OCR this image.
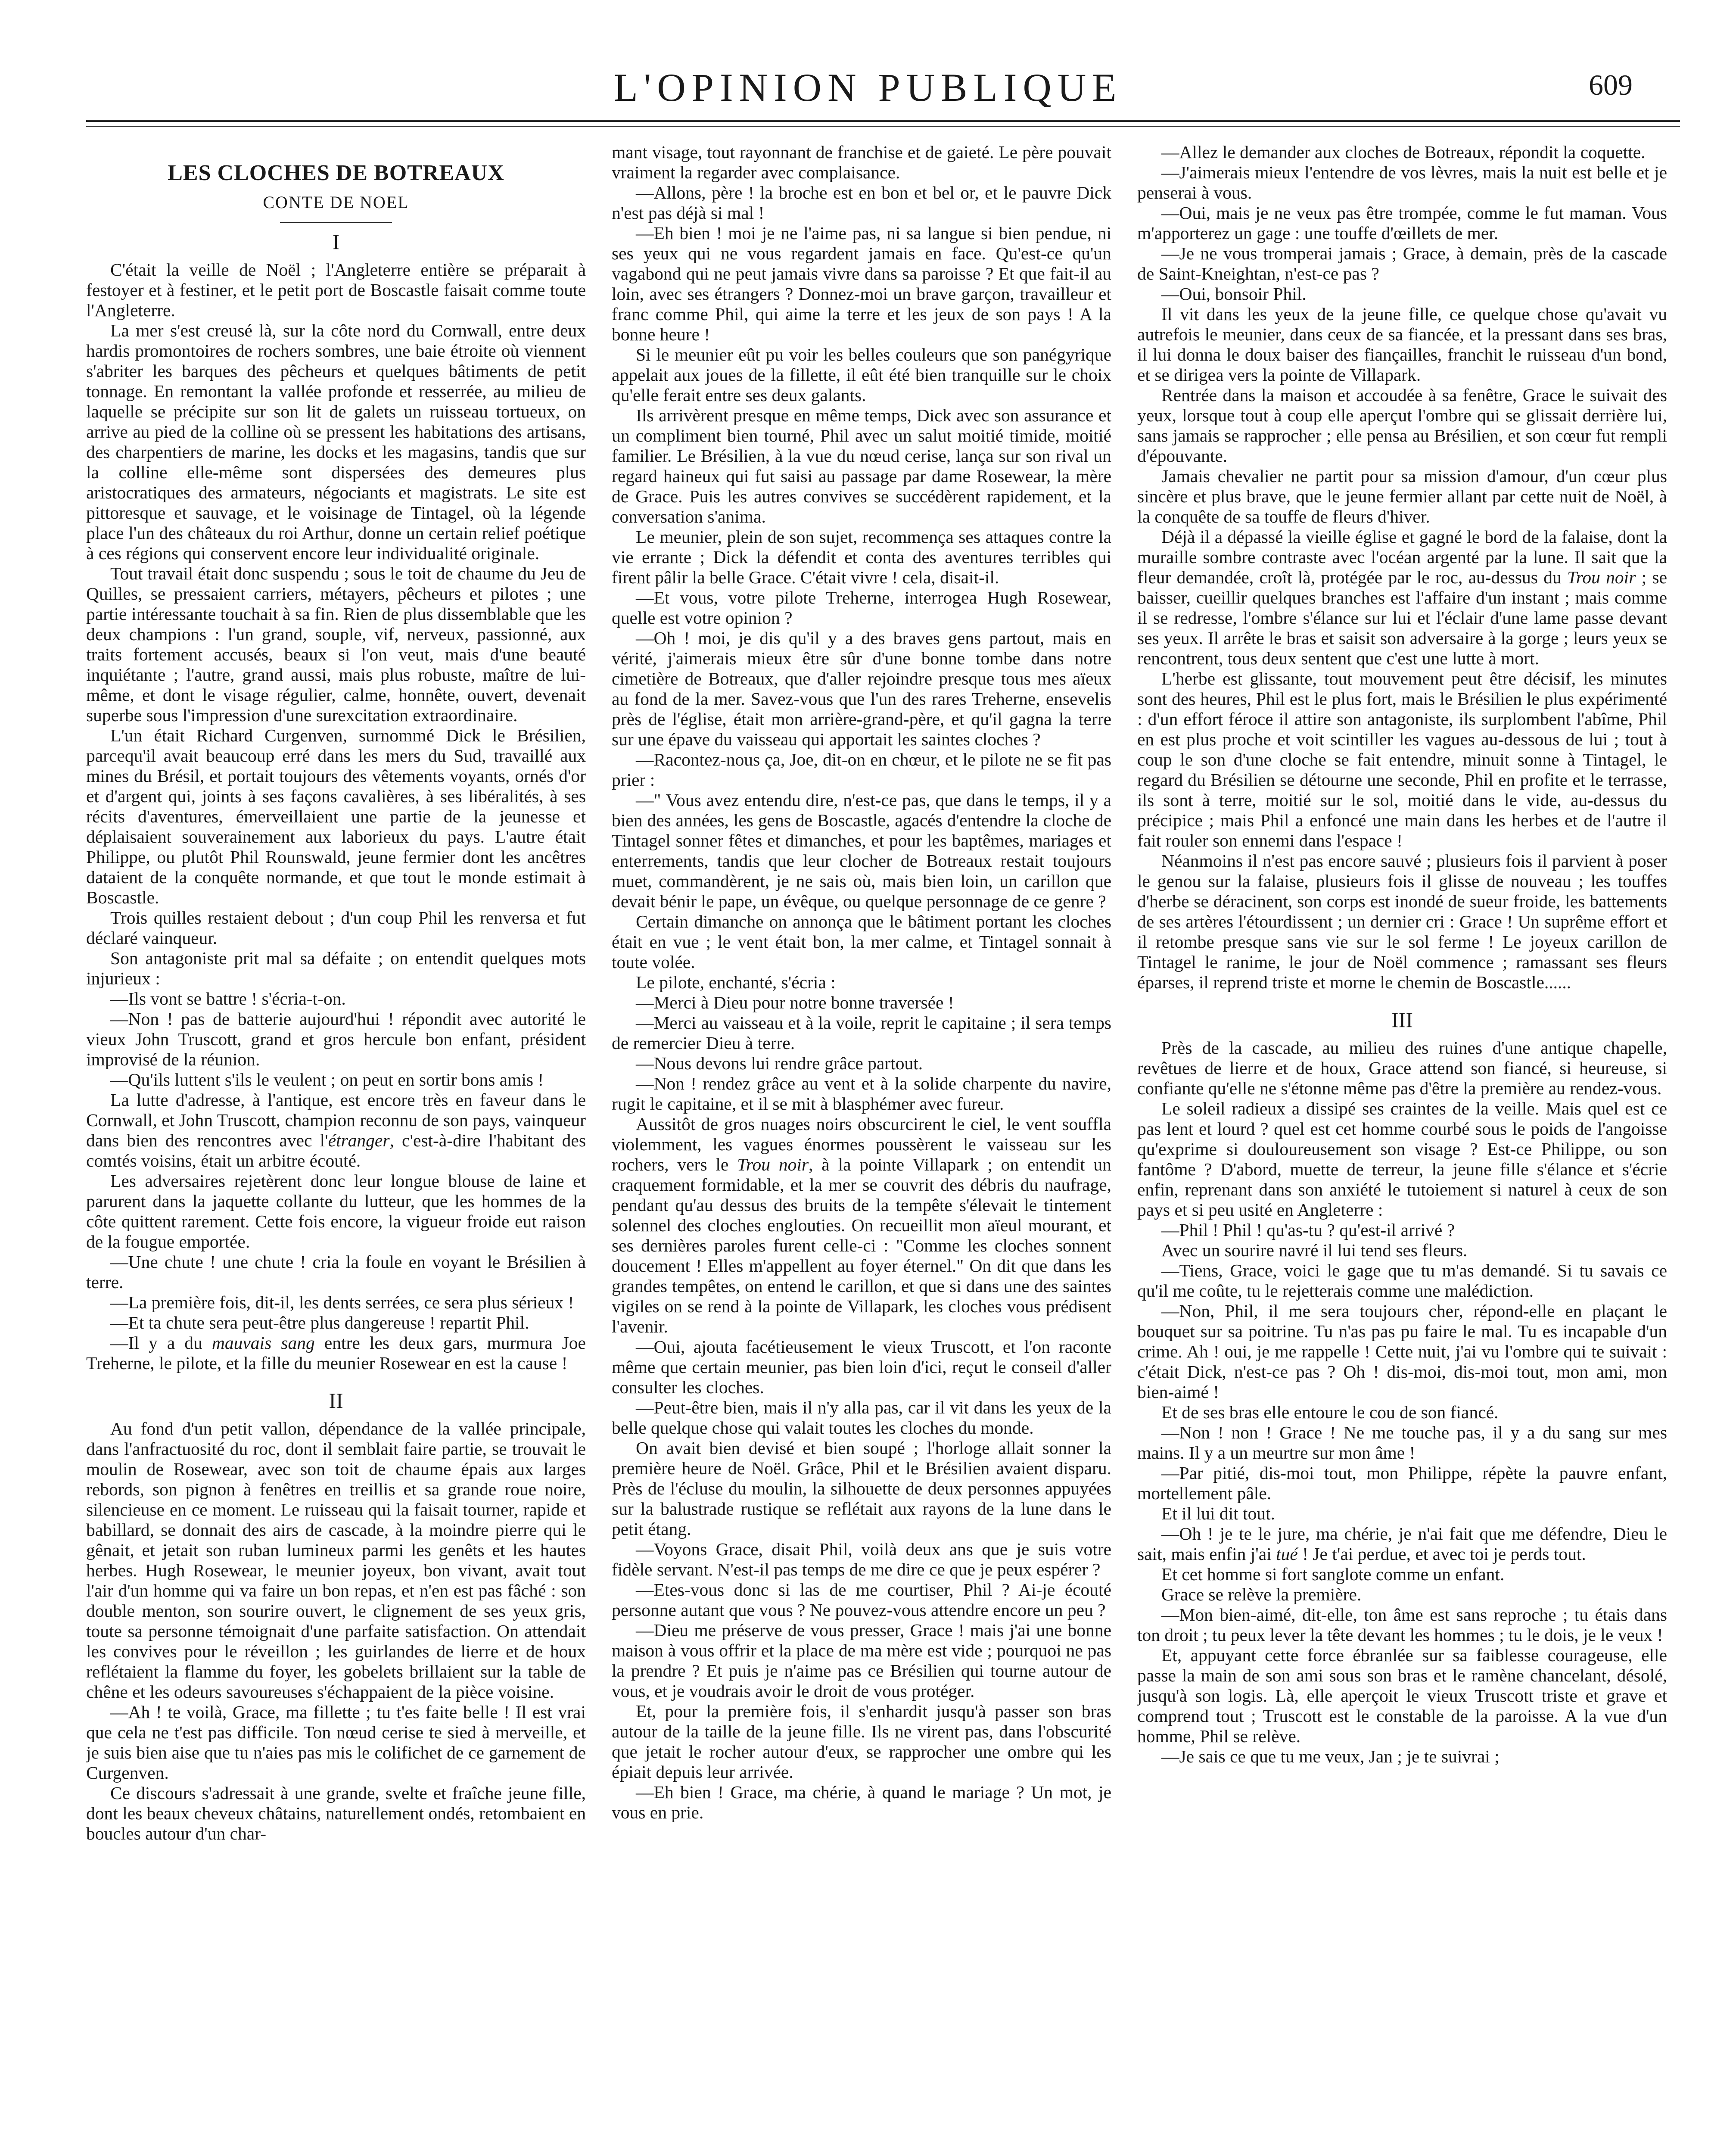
L'OPINION PUBLIQUE	609
LES CLOCHES DE BOTREAUX
CONTE DE NOEL
I

C'était la veille de Noël ; l'Angleterre entière se préparait à festoyer et à festiner, et le petit port de Boscastle faisait comme toute l'Angleterre.

La mer s'est creusé là, sur la côte nord du Cornwall, entre deux hardis promontoires de rochers sombres, une baie étroite où viennent s'abriter les barques des pêcheurs et quelques bâtiments de petit tonnage. En remontant la vallée profonde et resserrée, au milieu de laquelle se précipite sur son lit de galets un ruisseau tortueux, on arrive au pied de la colline où se pressent les habitations des artisans, des charpentiers de marine, les docks et les magasins, tandis que sur la colline elle-même sont dispersées des demeures plus aristocratiques des armateurs, négociants et magistrats. Le site est pittoresque et sauvage, et le voisinage de Tintagel, où la légende place l'un des châteaux du roi Arthur, donne un certain relief poétique à ces régions qui conservent encore leur individualité originale.

Tout travail était donc suspendu ; sous le toit de chaume du Jeu de Quilles, se pressaient carriers, métayers, pêcheurs et pilotes ; une partie intéressante touchait à sa fin. Rien de plus dissemblable que les deux champions : l'un grand, souple, vif, nerveux, passionné, aux traits fortement accusés, beaux si l'on veut, mais d'une beauté inquiétante ; l'autre, grand aussi, mais plus robuste, maître de lui-même, et dont le visage régulier, calme, honnête, ouvert, devenait superbe sous l'impression d'une surexcitation extraordinaire.

L'un était Richard Curgenven, surnommé Dick le Brésilien, parcequ'il avait beaucoup erré dans les mers du Sud, travaillé aux mines du Brésil, et portait toujours des vêtements voyants, ornés d'or et d'argent qui, joints à ses façons cavalières, à ses libéralités, à ses récits d'aventures, émerveillaient une partie de la jeunesse et déplaisaient souverainement aux laborieux du pays. L'autre était Philippe, ou plutôt Phil Rounswald, jeune fermier dont les ancêtres dataient de la conquête normande, et que tout le monde estimait à Boscastle.

Trois quilles restaient debout ; d'un coup Phil les renversa et fut déclaré vainqueur.

Son antagoniste prit mal sa défaite ; on entendit quelques mots injurieux :

—Ils vont se battre ! s'écria-t-on.

—Non ! pas de batterie aujourd'hui ! répondit avec autorité le vieux John Truscott, grand et gros hercule bon enfant, président improvisé de la réunion.

—Qu'ils luttent s'ils le veulent ; on peut en sortir bons amis !

La lutte d'adresse, à l'antique, est encore très en faveur dans le Cornwall, et John Truscott, champion reconnu de son pays, vainqueur dans bien des rencontres avec l'étranger, c'est-à-dire l'habitant des comtés voisins, était un arbitre écouté.

Les adversaires rejetèrent donc leur longue blouse de laine et parurent dans la jaquette collante du lutteur, que les hommes de la côte quittent rarement. Cette fois encore, la vigueur froide eut raison de la fougue emportée.

—Une chute ! une chute ! cria la foule en voyant le Brésilien à terre.

—La première fois, dit-il, les dents serrées, ce sera plus sérieux !

—Et ta chute sera peut-être plus dangereuse ! repartit Phil.

—Il y a du mauvais sang entre les deux gars, murmura Joe Treherne, le pilote, et la fille du meunier Rosewear en est la cause !

II

Au fond d'un petit vallon, dépendance de la vallée principale, dans l'anfractuosité du roc, dont il semblait faire partie, se trouvait le moulin de Rosewear, avec son toit de chaume épais aux larges rebords, son pignon à fenêtres en treillis et sa grande roue noire, silencieuse en ce moment. Le ruisseau qui la faisait tourner, rapide et babillard, se donnait des airs de cascade, à la moindre pierre qui le gênait, et jetait son ruban lumineux parmi les genêts et les hautes herbes. Hugh Rosewear, le meunier joyeux, bon vivant, avait tout l'air d'un homme qui va faire un bon repas, et n'en est pas fâché : son double menton, son sourire ouvert, le clignement de ses yeux gris, toute sa personne témoignait d'une parfaite satisfaction. On attendait les convives pour le réveillon ; les guirlandes de lierre et de houx reflétaient la flamme du foyer, les gobelets brillaient sur la table de chêne et les odeurs savoureuses s'échappaient de la pièce voisine.

—Ah ! te voilà, Grace, ma fillette ; tu t'es faite belle ! Il est vrai que cela ne t'est pas difficile. Ton nœud cerise te sied à merveille, et je suis bien aise que tu n'aies pas mis le colifichet de ce garnement de Curgenven.

Ce discours s'adressait à une grande, svelte et fraîche jeune fille, dont les beaux cheveux châtains, naturellement ondés, retombaient en boucles autour d'un char-

mant visage, tout rayonnant de franchise et de gaieté. Le père pouvait vraiment la regarder avec complaisance.

—Allons, père ! la broche est en bon et bel or, et le pauvre Dick n'est pas déjà si mal !

—Eh bien ! moi je ne l'aime pas, ni sa langue si bien pendue, ni ses yeux qui ne vous regardent jamais en face. Qu'est-ce qu'un vagabond qui ne peut jamais vivre dans sa paroisse ? Et que fait-il au loin, avec ses étrangers ? Donnez-moi un brave garçon, travailleur et franc comme Phil, qui aime la terre et les jeux de son pays ! A la bonne heure !

Si le meunier eût pu voir les belles couleurs que son panégyrique appelait aux joues de la fillette, il eût été bien tranquille sur le choix qu'elle ferait entre ses deux galants.

Ils arrivèrent presque en même temps, Dick avec son assurance et un compliment bien tourné, Phil avec un salut moitié timide, moitié familier. Le Brésilien, à la vue du nœud cerise, lança sur son rival un regard haineux qui fut saisi au passage par dame Rosewear, la mère de Grace. Puis les autres convives se succédèrent rapidement, et la conversation s'anima.

Le meunier, plein de son sujet, recommença ses attaques contre la vie errante ; Dick la défendit et conta des aventures terribles qui firent pâlir la belle Grace. C'était vivre ! cela, disait-il.

—Et vous, votre pilote Treherne, interrogea Hugh Rosewear, quelle est votre opinion ?

—Oh ! moi, je dis qu'il y a des braves gens partout, mais en vérité, j'aimerais mieux être sûr d'une bonne tombe dans notre cimetière de Botreaux, que d'aller rejoindre presque tous mes aïeux au fond de la mer. Savez-vous que l'un des rares Treherne, ensevelis près de l'église, était mon arrière-grand-père, et qu'il gagna la terre sur une épave du vaisseau qui apportait les saintes cloches ?

—Racontez-nous ça, Joe, dit-on en chœur, et le pilote ne se fit pas prier :

—" Vous avez entendu dire, n'est-ce pas, que dans le temps, il y a bien des années, les gens de Boscastle, agacés d'entendre la cloche de Tintagel sonner fêtes et dimanches, et pour les baptêmes, mariages et enterrements, tandis que leur clocher de Botreaux restait toujours muet, commandèrent, je ne sais où, mais bien loin, un carillon que devait bénir le pape, un évêque, ou quelque personnage de ce genre ?

Certain dimanche on annonça que le bâtiment portant les cloches était en vue ; le vent était bon, la mer calme, et Tintagel sonnait à toute volée.

Le pilote, enchanté, s'écria :

—Merci à Dieu pour notre bonne traversée !

—Merci au vaisseau et à la voile, reprit le capitaine ; il sera temps de remercier Dieu à terre.

—Nous devons lui rendre grâce partout.

—Non ! rendez grâce au vent et à la solide charpente du navire, rugit le capitaine, et il se mit à blasphémer avec fureur.

Aussitôt de gros nuages noirs obscurcirent le ciel, le vent souffla violemment, les vagues énormes poussèrent le vaisseau sur les rochers, vers le Trou noir, à la pointe Villapark ; on entendit un craquement formidable, et la mer se couvrit des débris du naufrage, pendant qu'au dessus des bruits de la tempête s'élevait le tintement solennel des cloches englouties. On recueillit mon aïeul mourant, et ses dernières paroles furent celle-ci : "Comme les cloches sonnent doucement ! Elles m'appellent au foyer éternel." On dit que dans les grandes tempêtes, on entend le carillon, et que si dans une des saintes vigiles on se rend à la pointe de Villapark, les cloches vous prédisent l'avenir.

—Oui, ajouta facétieusement le vieux Truscott, et l'on raconte même que certain meunier, pas bien loin d'ici, reçut le conseil d'aller consulter les cloches.

—Peut-être bien, mais il n'y alla pas, car il vit dans les yeux de la belle quelque chose qui valait toutes les cloches du monde.

On avait bien devisé et bien soupé ; l'horloge allait sonner la première heure de Noël. Grâce, Phil et le Brésilien avaient disparu. Près de l'écluse du moulin, la silhouette de deux personnes appuyées sur la balustrade rustique se reflétait aux rayons de la lune dans le petit étang.

—Voyons Grace, disait Phil, voilà deux ans que je suis votre fidèle servant. N'est-il pas temps de me dire ce que je peux espérer ?

—Etes-vous donc si las de me courtiser, Phil ? Ai-je écouté personne autant que vous ? Ne pouvez-vous attendre encore un peu ?

—Dieu me préserve de vous presser, Grace ! mais j'ai une bonne maison à vous offrir et la place de ma mère est vide ; pourquoi ne pas la prendre ? Et puis je n'aime pas ce Brésilien qui tourne autour de vous, et je voudrais avoir le droit de vous protéger.

Et, pour la première fois, il s'enhardit jusqu'à passer son bras autour de la taille de la jeune fille. Ils ne virent pas, dans l'obscurité que jetait le rocher autour d'eux, se rapprocher une ombre qui les épiait depuis leur arrivée.

—Eh bien ! Grace, ma chérie, à quand le mariage ? Un mot, je vous en prie.

—Allez le demander aux cloches de Botreaux, répondit la coquette.

—J'aimerais mieux l'entendre de vos lèvres, mais la nuit est belle et je penserai à vous.

—Oui, mais je ne veux pas être trompée, comme le fut maman. Vous m'apporterez un gage : une touffe d'œillets de mer.

—Je ne vous tromperai jamais ; Grace, à demain, près de la cascade de Saint-Kneightan, n'est-ce pas ?

—Oui, bonsoir Phil.

Il vit dans les yeux de la jeune fille, ce quelque chose qu'avait vu autrefois le meunier, dans ceux de sa fiancée, et la pressant dans ses bras, il lui donna le doux baiser des fiançailles, franchit le ruisseau d'un bond, et se dirigea vers la pointe de Villapark.

Rentrée dans la maison et accoudée à sa fenêtre, Grace le suivait des yeux, lorsque tout à coup elle aperçut l'ombre qui se glissait derrière lui, sans jamais se rapprocher ; elle pensa au Brésilien, et son cœur fut rempli d'épouvante.

Jamais chevalier ne partit pour sa mission d'amour, d'un cœur plus sincère et plus brave, que le jeune fermier allant par cette nuit de Noël, à la conquête de sa touffe de fleurs d'hiver.

Déjà il a dépassé la vieille église et gagné le bord de la falaise, dont la muraille sombre contraste avec l'océan argenté par la lune. Il sait que la fleur demandée, croît là, protégée par le roc, au-dessus du Trou noir ; se baisser, cueillir quelques branches est l'affaire d'un instant ; mais comme il se redresse, l'ombre s'élance sur lui et l'éclair d'une lame passe devant ses yeux. Il arrête le bras et saisit son adversaire à la gorge ; leurs yeux se rencontrent, tous deux sentent que c'est une lutte à mort.

L'herbe est glissante, tout mouvement peut être décisif, les minutes sont des heures, Phil est le plus fort, mais le Brésilien le plus expérimenté : d'un effort féroce il attire son antagoniste, ils surplombent l'abîme, Phil en est plus proche et voit scintiller les vagues au-dessous de lui ; tout à coup le son d'une cloche se fait entendre, minuit sonne à Tintagel, le regard du Brésilien se détourne une seconde, Phil en profite et le terrasse, ils sont à terre, moitié sur le sol, moitié dans le vide, au-dessus du précipice ; mais Phil a enfoncé une main dans les herbes et de l'autre il fait rouler son ennemi dans l'espace !

Néanmoins il n'est pas encore sauvé ; plusieurs fois il parvient à poser le genou sur la falaise, plusieurs fois il glisse de nouveau ; les touffes d'herbe se déracinent, son corps est inondé de sueur froide, les battements de ses artères l'étourdissent ; un dernier cri : Grace ! Un suprême effort et il retombe presque sans vie sur le sol ferme ! Le joyeux carillon de Tintagel le ranime, le jour de Noël commence ; ramassant ses fleurs éparses, il reprend triste et morne le chemin de Boscastle......

III

Près de la cascade, au milieu des ruines d'une antique chapelle, revêtues de lierre et de houx, Grace attend son fiancé, si heureuse, si confiante qu'elle ne s'étonne même pas d'être la première au rendez-vous.

Le soleil radieux a dissipé ses craintes de la veille. Mais quel est ce pas lent et lourd ? quel est cet homme courbé sous le poids de l'angoisse qu'exprime si douloureusement son visage ? Est-ce Philippe, ou son fantôme ? D'abord, muette de terreur, la jeune fille s'élance et s'écrie enfin, reprenant dans son anxiété le tutoiement si naturel à ceux de son pays et si peu usité en Angleterre :

—Phil ! Phil ! qu'as-tu ? qu'est-il arrivé ?

Avec un sourire navré il lui tend ses fleurs.

—Tiens, Grace, voici le gage que tu m'as demandé. Si tu savais ce qu'il me coûte, tu le rejetterais comme une malédiction.

—Non, Phil, il me sera toujours cher, répond-elle en plaçant le bouquet sur sa poitrine. Tu n'as pas pu faire le mal. Tu es incapable d'un crime. Ah ! oui, je me rappelle ! Cette nuit, j'ai vu l'ombre qui te suivait : c'était Dick, n'est-ce pas ? Oh ! dis-moi, dis-moi tout, mon ami, mon bien-aimé !

Et de ses bras elle entoure le cou de son fiancé.

—Non ! non ! Grace ! Ne me touche pas, il y a du sang sur mes mains. Il y a un meurtre sur mon âme !

—Par pitié, dis-moi tout, mon Philippe, répète la pauvre enfant, mortellement pâle.

Et il lui dit tout.

—Oh ! je te le jure, ma chérie, je n'ai fait que me défendre, Dieu le sait, mais enfin j'ai tué ! Je t'ai perdue, et avec toi je perds tout.

Et cet homme si fort sanglote comme un enfant.

Grace se relève la première.

—Mon bien-aimé, dit-elle, ton âme est sans reproche ; tu étais dans ton droit ; tu peux lever la tête devant les hommes ; tu le dois, je le veux !

Et, appuyant cette force ébranlée sur sa faiblesse courageuse, elle passe la main de son ami sous son bras et le ramène chancelant, désolé, jusqu'à son logis. Là, elle aperçoit le vieux Truscott triste et grave et comprend tout ; Truscott est le constable de la paroisse. A la vue d'un homme, Phil se relève.

—Je sais ce que tu me veux, Jan ; je te suivrai ;
